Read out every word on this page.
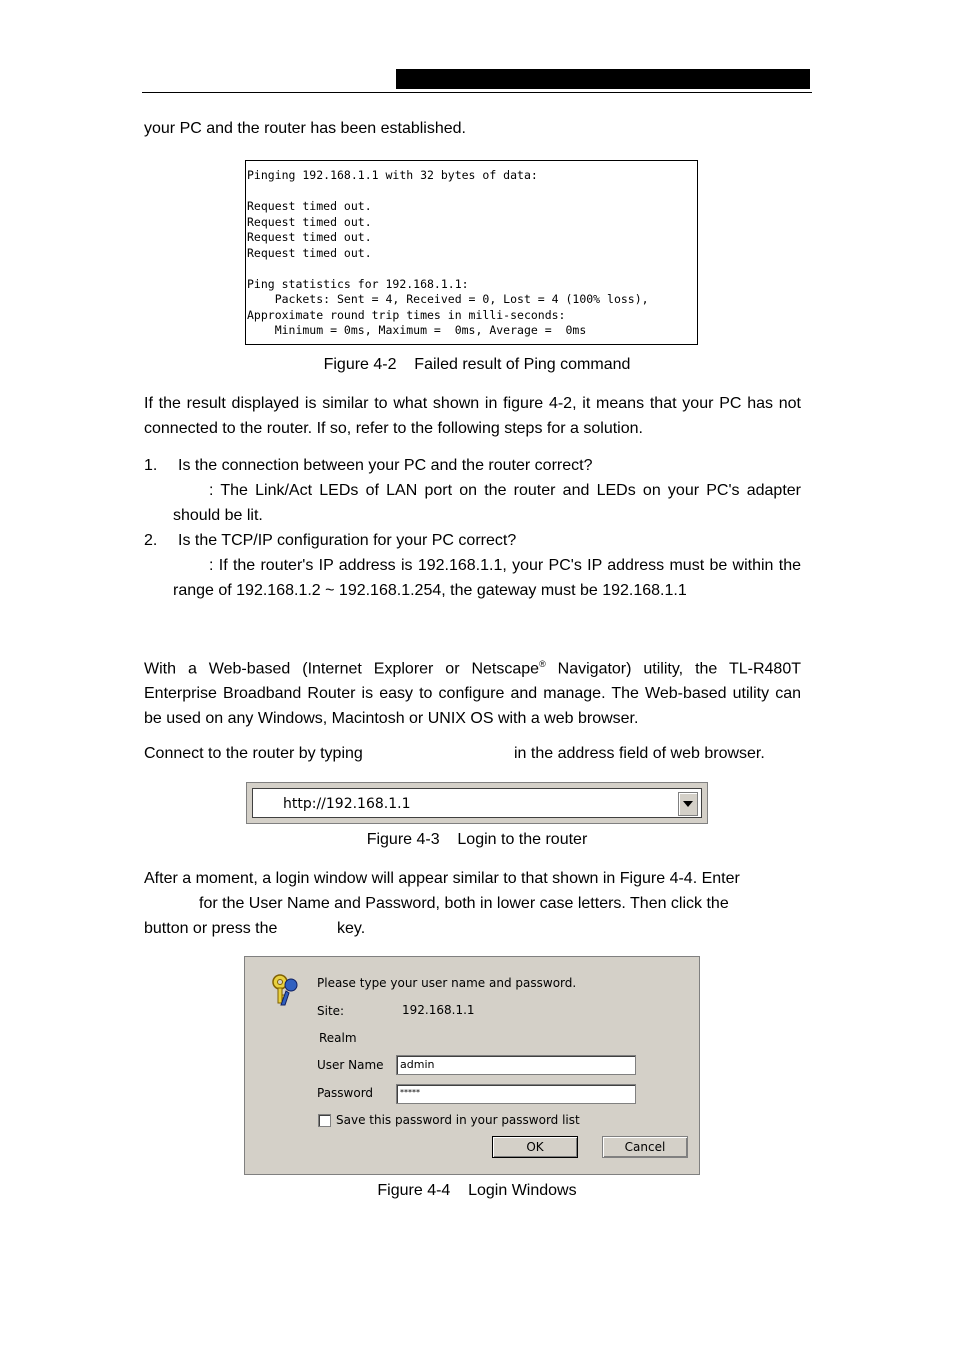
your PC and the router has been established.
Pinging 192.168.1.1 with 32 bytes of data:
Request timed out.
Request timed out.
Request timed out.
Request timed out.
Ping statistics for 192.168.1.1:
Packets: Sent = 4, Received = 0, Lost = 4 (100% loss),
Approximate round trip times in milli-seconds:
Minimum = 0ms, Maximum =  0ms, Average =  0ms
Figure 4-2    Failed result of Ping command
If the result displayed is similar to what shown in figure 4-2, it means that your PC has not connected to the router. If so, refer to the following steps for a solution.
1. Is the connection between your PC and the router correct?
: The Link/Act LEDs of LAN port on the router and LEDs on your PC's adapter should be lit.
2. Is the TCP/IP configuration for your PC correct?
: If the router's IP address is 192.168.1.1, your PC's IP address must be within the range of 192.168.1.2 ~ 192.168.1.254, the gateway must be 192.168.1.1
With a Web-based (Internet Explorer or Netscape® Navigator) utility, the TL-R480T Enterprise Broadband Router is easy to configure and manage. The Web-based utility can be used on any Windows, Macintosh or UNIX OS with a web browser.
Connect to the router by typing	in the address field of web browser.
http://192.168.1.1
Figure 4-3    Login to the router
After a moment, a login window will appear similar to that shown in Figure 4-4. Enter
for the User Name and Password, both in lower case letters. Then click the
button or press the	key.
Please type your user name and password.
Site:	192.168.1.1
Realm
User Name	admin
Password	*****
Save this password in your password list
OK	Cancel
Figure 4-4    Login Windows
